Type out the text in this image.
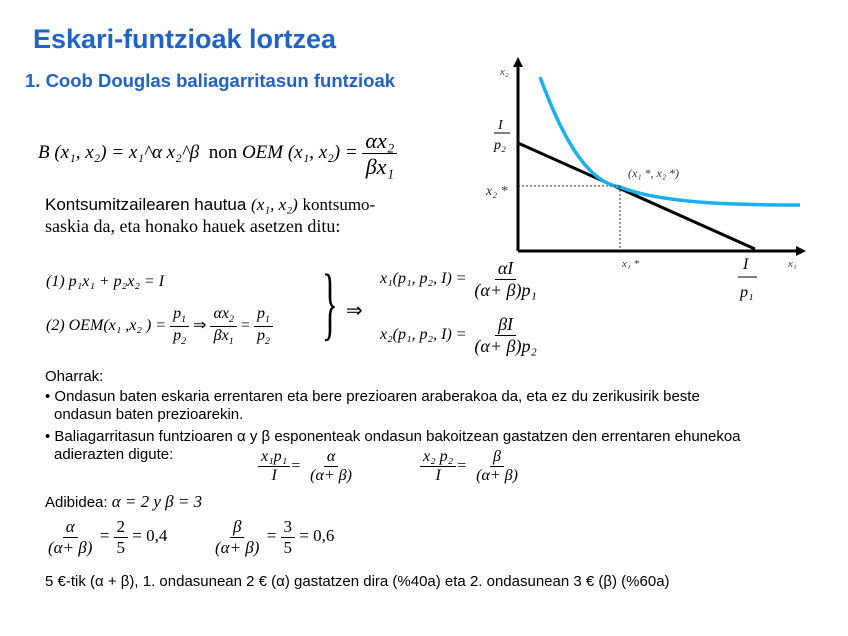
Eskari-funtzioak lortzea
1. Coob Douglas baliagarritasun funtzioak
B (x₁, x₂) = x₁^α x₂^β non OEM (x₁, $x_2) = \frac{\text{αx₂}}{\text{βx₁}}$
Kontsumitzailearen hautua (x₁, x₂) kontsumo-
saskia da, eta honako hauek asetzen ditu:
(1) p₁x₁ + p₂x₂ = I
(2) OEM(x₁ ,x₂ ) = $\frac{p_1}{p_2}$ ⇒ $\frac{\alpha x_2}{\beta x_1} = \frac{p_1}{p_2}$ } ⇒
x₁(p₁, p₂, $I) = \frac{\alpha I}{\text{(α+ β)p₁}}$
x₂(p₁, p₂, $I) = \frac{\beta I}{\text{(α+ β)p₂}}$
x₂
x₁
I
p₂
x₂ *
x₁ *
(x₁ *, x₂ *)
I
p₁
Oharrak:
• Ondasun baten eskaria errentaren eta bere prezioaren araberakoa da, eta ez du zerikusirik beste
ondasun baten prezioarekin.
• Baliagarritasun funtzioaren α y β esponenteak ondasun bakoitzean gastatzen den errentaren ehunekoa
adierazten digute:	$\frac{\text{x₁p₁}}{I} = \frac{\alpha}{(\alpha+ \beta)}$	$\frac{\text{x₂ p₂}}{I} = \frac{\beta}{(\alpha+ \beta)}$
Adibidea: α = 2 y β = 3
$\frac{\alpha}{(\alpha+ \beta)} = \frac{2}{5} = 0,4$	$\frac{\beta}{(\alpha+ \beta)} = \frac{3}{5} = 0,6$
5 €-tik (α + β), 1. ondasunean 2 € (α) gastatzen dira (%40a) eta 2. ondasunean 3 € (β) (%60a)
